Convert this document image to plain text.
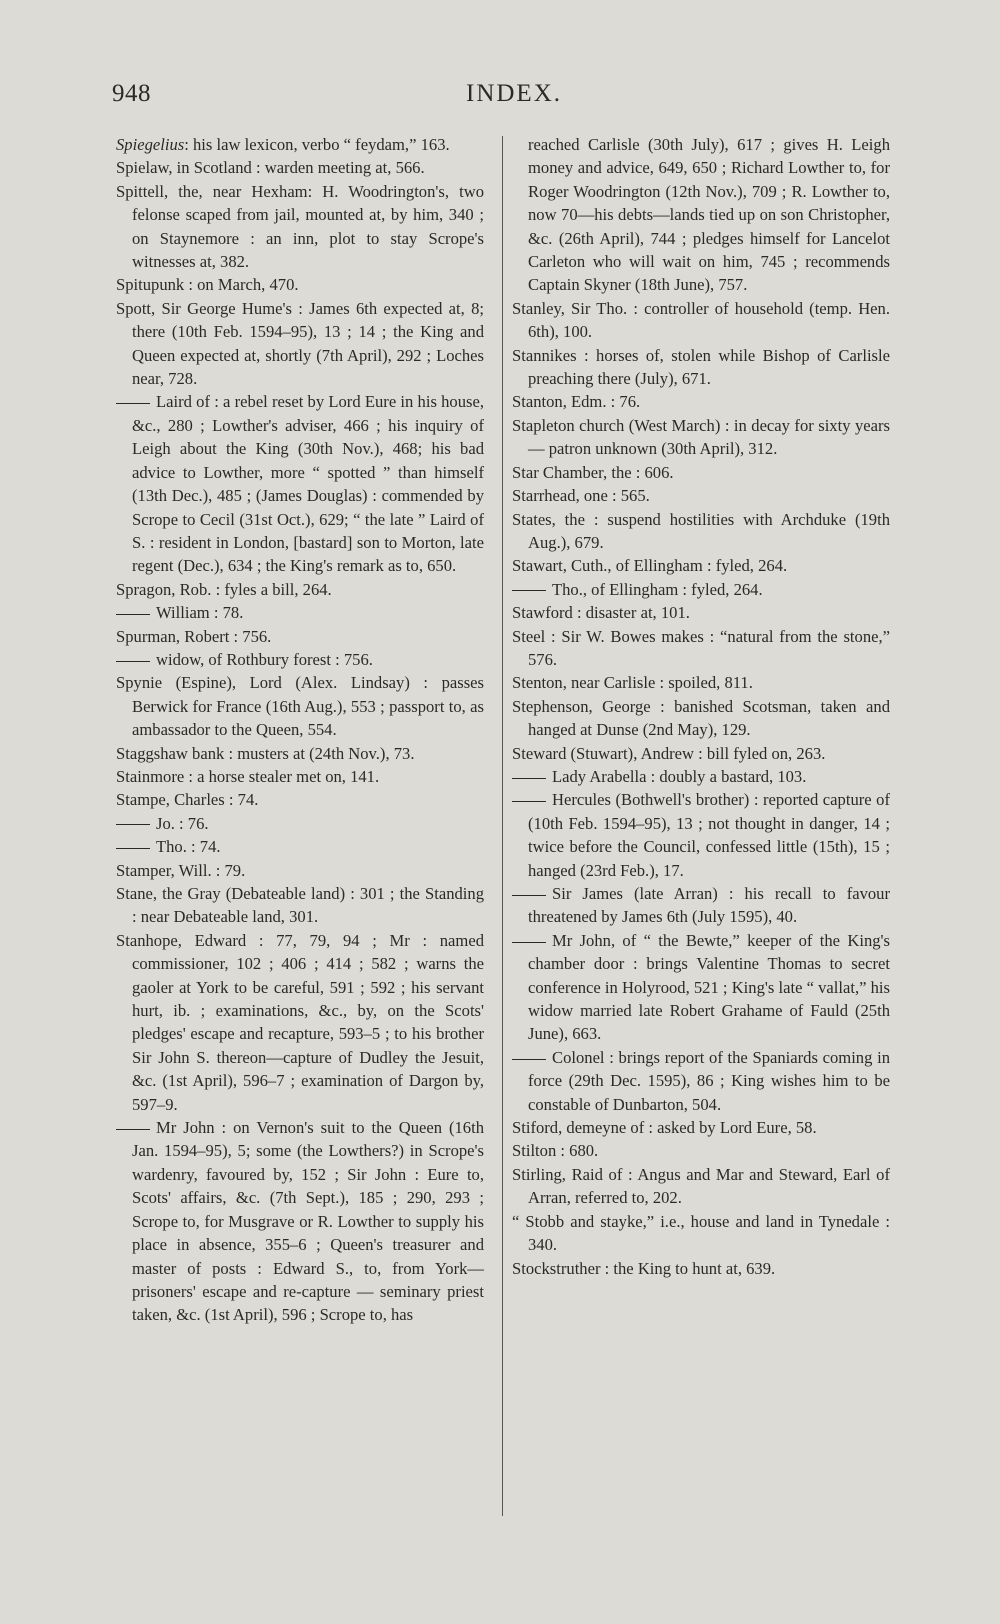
948	INDEX.

Spiegelius: his law lexicon, verbo “ feydam,” 163.

Spielaw, in Scotland : warden meeting at, 566.

Spittell, the, near Hexham: H. Woodrington's, two felonse scaped from jail, mounted at, by him, 340 ; on Staynemore : an inn, plot to stay Scrope's witnesses at, 382.

Spitupunk : on March, 470.

Spott, Sir George Hume's : James 6th expected at, 8; there (10th Feb. 1594–95), 13 ; 14 ; the King and Queen expected at, shortly (7th April), 292 ; Loches near, 728.

Laird of : a rebel reset by Lord Eure in his house, &c., 280 ; Lowther's adviser, 466 ; his inquiry of Leigh about the King (30th Nov.), 468; his bad advice to Lowther, more “ spotted ” than himself (13th Dec.), 485 ; (James Douglas) : commended by Scrope to Cecil (31st Oct.), 629; “ the late ” Laird of S. : resident in London, [bastard] son to Morton, late regent (Dec.), 634 ; the King's remark as to, 650.

Spragon, Rob. : fyles a bill, 264.

William : 78.

Spurman, Robert : 756.

widow, of Rothbury forest : 756.

Spynie (Espine), Lord (Alex. Lindsay) : passes Berwick for France (16th Aug.), 553 ; passport to, as ambassador to the Queen, 554.

Staggshaw bank : musters at (24th Nov.), 73.

Stainmore : a horse stealer met on, 141.

Stampe, Charles : 74.

Jo. : 76.

Tho. : 74.

Stamper, Will. : 79.

Stane, the Gray (Debateable land) : 301 ; the Standing : near Debateable land, 301.

Stanhope, Edward : 77, 79, 94 ; Mr : named commissioner, 102 ; 406 ; 414 ; 582 ; warns the gaoler at York to be careful, 591 ; 592 ; his servant hurt, ib. ; examinations, &c., by, on the Scots' pledges' escape and recapture, 593–5 ; to his brother Sir John S. thereon—capture of Dudley the Jesuit, &c. (1st April), 596–7 ; examination of Dargon by, 597–9.

Mr John : on Vernon's suit to the Queen (16th Jan. 1594–95), 5; some (the Lowthers?) in Scrope's wardenry, favoured by, 152 ; Sir John : Eure to, Scots' affairs, &c. (7th Sept.), 185 ; 290, 293 ; Scrope to, for Musgrave or R. Lowther to supply his place in absence, 355–6 ; Queen's treasurer and master of posts : Edward S., to, from York—prisoners' escape and re-capture — seminary priest taken, &c. (1st April), 596 ; Scrope to, has

reached Carlisle (30th July), 617 ; gives H. Leigh money and advice, 649, 650 ; Richard Lowther to, for Roger Woodrington (12th Nov.), 709 ; R. Lowther to, now 70—his debts—lands tied up on son Christopher, &c. (26th April), 744 ; pledges himself for Lancelot Carleton who will wait on him, 745 ; recommends Captain Skyner (18th June), 757.

Stanley, Sir Tho. : controller of household (temp. Hen. 6th), 100.

Stannikes : horses of, stolen while Bishop of Carlisle preaching there (July), 671.

Stanton, Edm. : 76.

Stapleton church (West March) : in decay for sixty years — patron unknown (30th April), 312.

Star Chamber, the : 606.

Starrhead, one : 565.

States, the : suspend hostilities with Archduke (19th Aug.), 679.

Stawart, Cuth., of Ellingham : fyled, 264.

Tho., of Ellingham : fyled, 264.

Stawford : disaster at, 101.

Steel : Sir W. Bowes makes : “natural from the stone,” 576.

Stenton, near Carlisle : spoiled, 811.

Stephenson, George : banished Scotsman, taken and hanged at Dunse (2nd May), 129.

Steward (Stuwart), Andrew : bill fyled on, 263.

Lady Arabella : doubly a bastard, 103.

Hercules (Bothwell's brother) : reported capture of (10th Feb. 1594–95), 13 ; not thought in danger, 14 ; twice before the Council, confessed little (15th), 15 ; hanged (23rd Feb.), 17.

Sir James (late Arran) : his recall to favour threatened by James 6th (July 1595), 40.

Mr John, of “ the Bewte,” keeper of the King's chamber door : brings Valentine Thomas to secret conference in Holyrood, 521 ; King's late “ vallat,” his widow married late Robert Grahame of Fauld (25th June), 663.

Colonel : brings report of the Spaniards coming in force (29th Dec. 1595), 86 ; King wishes him to be constable of Dunbarton, 504.

Stiford, demeyne of : asked by Lord Eure, 58.

Stilton : 680.

Stirling, Raid of : Angus and Mar and Steward, Earl of Arran, referred to, 202.

“ Stobb and stayke,” i.e., house and land in Tynedale : 340.

Stockstruther : the King to hunt at, 639.
